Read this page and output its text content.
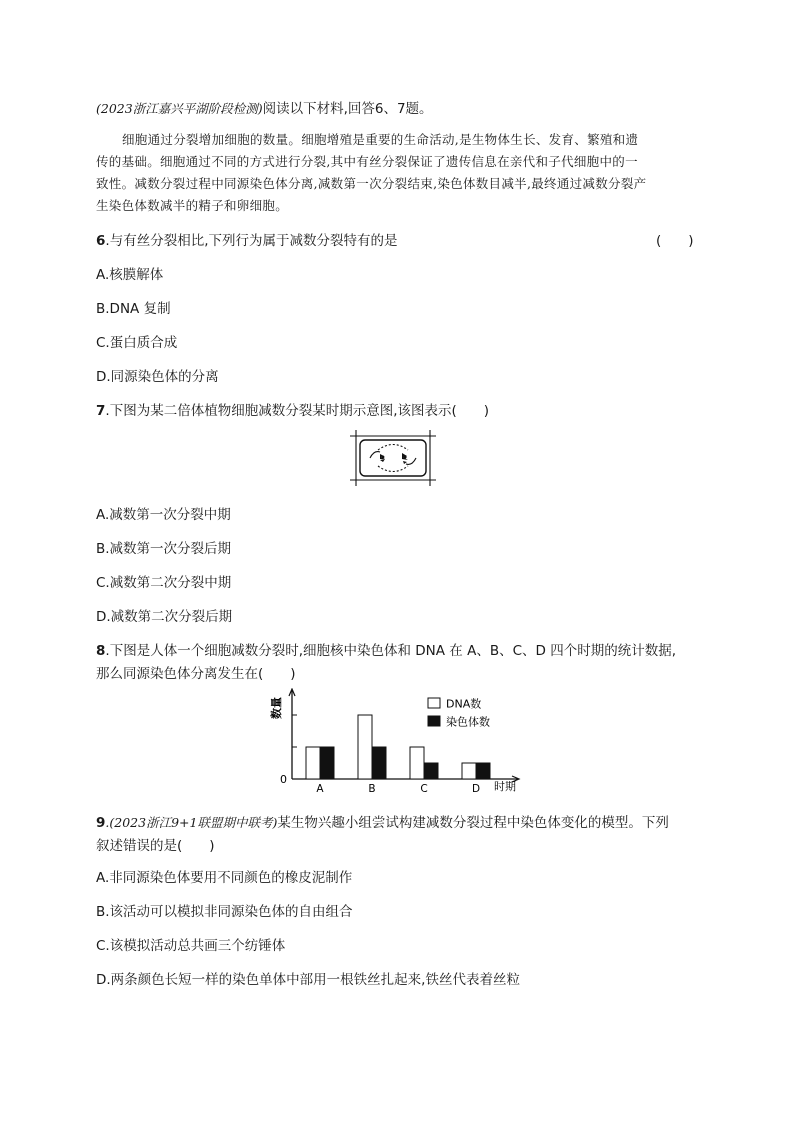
(2023浙江嘉兴平湖阶段检测)阅读以下材料,回答6、7题。
细胞通过分裂增加细胞的数量。细胞增殖是重要的生命活动,是生物体生长、发育、繁殖和遗
传的基础。细胞通过不同的方式进行分裂,其中有丝分裂保证了遗传信息在亲代和子代细胞中的一
致性。减数分裂过程中同源染色体分离,减数第一次分裂结束,染色体数目减半,最终通过减数分裂产
生染色体数减半的精子和卵细胞。
6.与有丝分裂相比,下列行为属于减数分裂特有的是	(　　)
A.核膜解体
B.DNA 复制
C.蛋白质合成
D.同源染色体的分离
7.下图为某二倍体植物细胞减数分裂某时期示意图,该图表示(　　)
A.减数第一次分裂中期
B.减数第一次分裂后期
C.减数第二次分裂中期
D.减数第二次分裂后期
8.下图是人体一个细胞减数分裂时,细胞核中染色体和 DNA 在 A、B、C、D 四个时期的统计数据,
那么同源染色体分离发生在(　　)
数量
时期
0
A	B	C	D
DNA数
染色体数
9.(2023浙江9+1联盟期中联考)某生物兴趣小组尝试构建减数分裂过程中染色体变化的模型。下列
叙述错误的是(　　)
A.非同源染色体要用不同颜色的橡皮泥制作
B.该活动可以模拟非同源染色体的自由组合
C.该模拟活动总共画三个纺锤体
D.两条颜色长短一样的染色单体中部用一根铁丝扎起来,铁丝代表着丝粒
